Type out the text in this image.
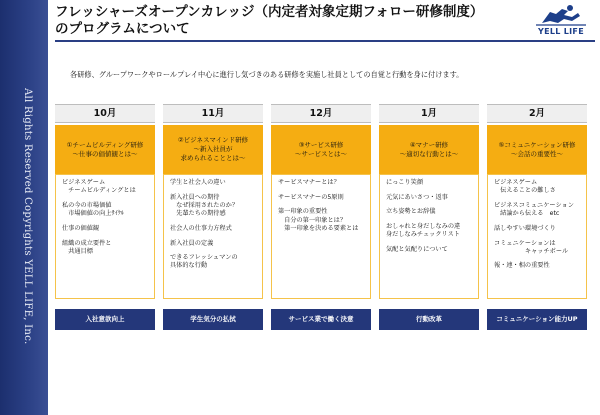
All Rights Reserved Copyrights YELL LIFE, Inc.
フレッシャーズオープンカレッジ（内定者対象定期フォロー研修制度）
のプログラムについて	YELL LIFE
各研修、グループワークやロールプレイ中心に進行し気づきのある研修を実施し社員としての自覚と行動を身に付けます。
10月
①チームビルディング研修
～仕事の価値観とは～
ビジネスゲーム
　チームビルディングとは
私の今の市場価値
　市場価値の向上ｻｲｸﾙ
仕事の価値観
組織の成立要件と
　共通目標
入社意欲向上
11月
②ビジネスマインド研修
～新入社員が
求められることとは～
学生と社会人の違い
新入社員への期待
　なぜ採用されたのか？
　先輩たちの期待感
社会人の仕事力方程式
新入社員の定義
できるフレッシュマンの
具体的な行動
学生気分の払拭
12月
③サービス研修
～サービスとは～
サービスマナーとは？
サービスマナーの5原則
第一印象の重要性
　自分の第一印象とは？
　第一印象を決める要素とは
サービス業で働く決意
1月
④マナー研修
～適切な行動とは～
にっこり笑顔
元気にあいさつ・返事
立ち姿勢とお辞儀
おしゃれと身だしなみの違
身だしなみチェックリスト
気配と気配りについて
行動改革
2月
⑤コミュニケーション研修
～会話の重要性～
ビジネスゲーム
　伝えることの難しさ
ビジネスコミュニケーション
　結論から伝える　etc
話しやすい環境づくり
コミュニケーションは
　　　　　キャッチボール
報・連・相の重要性
コミュニケーション能力UP
